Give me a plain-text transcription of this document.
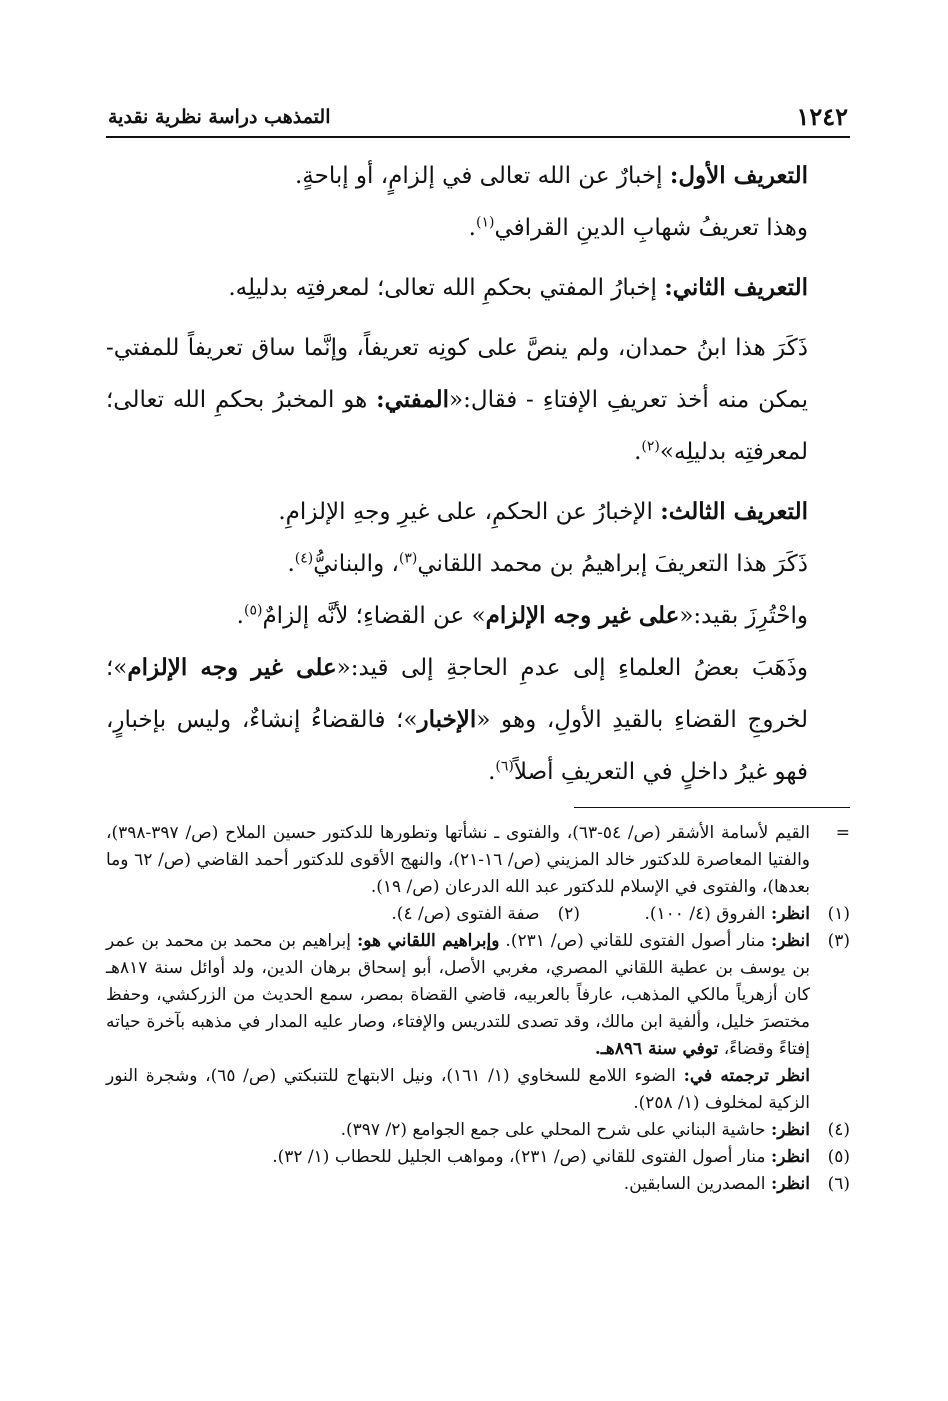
١٢٤٢
التمذهب دراسة نظرية نقدية

التعريف الأول: إخبارٌ عن الله تعالى في إلزامٍ، أو إباحةٍ.

وهذا تعريفُ شهابِ الدينِ القرافي$^{(١)}$.

التعريف الثاني: إخبارُ المفتي بحكمِ الله تعالى؛ لمعرفتِه بدليلِه.

ذَكَرَ هذا ابنُ حمدان، ولم ينصَّ على كونِه تعريفاً، وإنَّما ساق تعريفاً للمفتي- يمكن منه أخذ تعريفِ الإفتاءِ - فقال:«المفتي: هو المخبرُ بحكمِ الله تعالى؛ لمعرفتِه بدليلِه»$^{(٢)}$.

التعريف الثالث: الإخبارُ عن الحكمِ، على غيرِ وجهِ الإلزامِ.

ذَكَرَ هذا التعريفَ إبراهيمُ بن محمد اللقاني$^{(٣)}$، والبنانيُّ$^{(٤)}$.

واحْتُرِزَ بقيد:«على غير وجه الإلزام» عن القضاءِ؛ لأنَّه إلزامٌ$^{(٥)}$.

وذَهَبَ بعضُ العلماءِ إلى عدمِ الحاجةِ إلى قيد:«على غير وجه الإلزام»؛ لخروجِ القضاءِ بالقيدِ الأولِ، وهو «الإخبار»؛ فالقضاءُ إنشاءٌ، وليس بإخبارٍ، فهو غيرُ داخلٍ في التعريفِ أصلاً$^{(٦)}$.

=
القيم لأسامة الأشقر (ص/ ٥٤-٦٣)، والفتوى ـ نشأتها وتطورها للدكتور حسين الملاح (ص/ ٣٩٧-٣٩٨)، والفتيا المعاصرة للدكتور خالد المزيني (ص/ ١٦-٢١)، والنهج الأقوى للدكتور أحمد القاضي (ص/ ٦٢ وما بعدها)، والفتوى في الإسلام للدكتور عبد الله الدرعان (ص/ ١٩).
(١)
انظر: الفروق (٤/ ١٠٠).
(٢)صفة الفتوى (ص/ ٤).
(٣)
انظر: منار أصول الفتوى للقاني (ص/ ٢٣١). وإبراهيم اللقاني هو: إبراهيم بن محمد بن محمد بن عمر بن يوسف بن عطية اللقاني المصري، مغربي الأصل، أبو إسحاق برهان الدين، ولد أوائل سنة ٨١٧هـ كان أزهرياً مالكي المذهب، عارفاً بالعربيه، قاضي القضاة بمصر، سمع الحديث من الزركشي، وحفظ مختصرَ خليل، وألفية ابن مالك، وقد تصدى للتدريس والإفتاء، وصار عليه المدار في مذهبه بآخرة حياته إفتاءً وقضاءً، توفي سنة ٨٩٦هـ.
انظر ترجمته في: الضوء اللامع للسخاوي (١/ ١٦١)، ونيل الابتهاج للتنبكتي (ص/ ٦٥)، وشجرة النور الزكية لمخلوف (١/ ٢٥٨).
(٤)
انظر: حاشية البناني على شرح المحلي على جمع الجوامع (٢/ ٣٩٧).
(٥)
انظر: منار أصول الفتوى للقاني (ص/ ٢٣١)، ومواهب الجليل للحطاب (١/ ٣٢).
(٦)
انظر: المصدرين السابقين.
